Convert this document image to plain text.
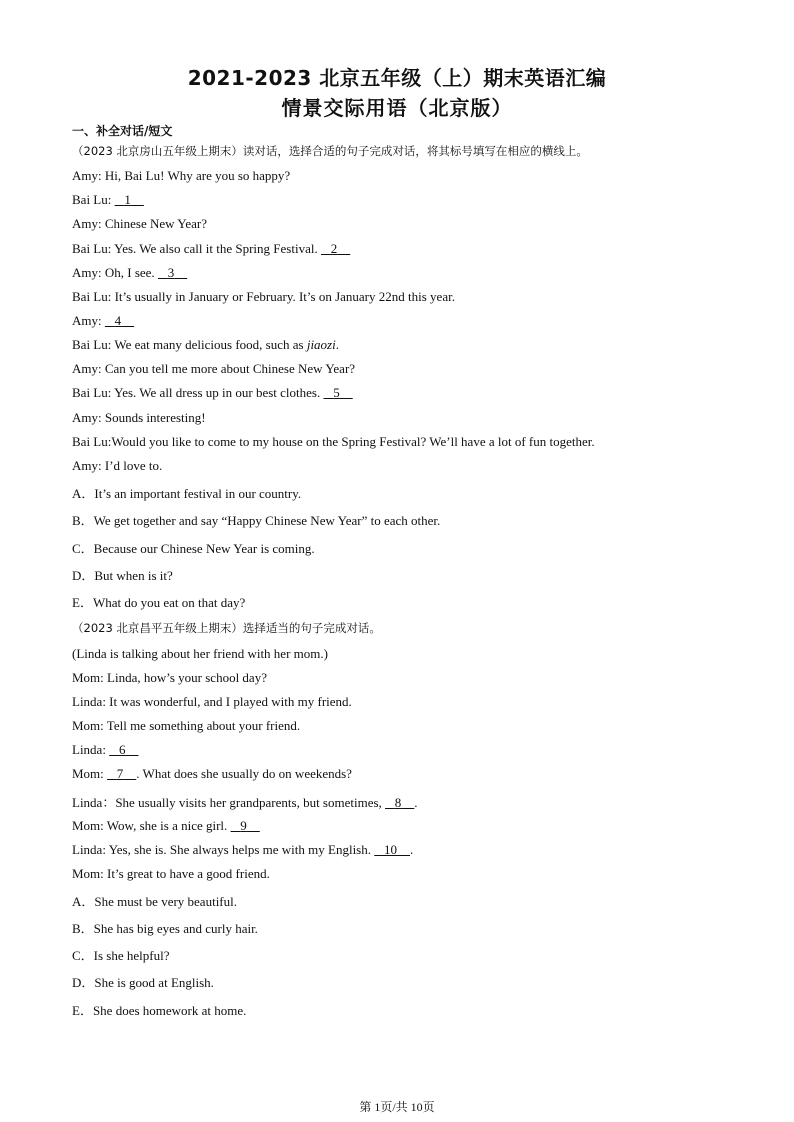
2021-2023 北京五年级（上）期末英语汇编
情景交际用语（北京版）
一、补全对话/短文
（2023 北京房山五年级上期末）读对话，选择合适的句子完成对话，将其标号填写在相应的横线上。
Amy: Hi, Bai Lu! Why are you so happy?
Bai Lu: 1
Amy: Chinese New Year?
Bai Lu: Yes. We also call it the Spring Festival. 2
Amy: Oh, I see. 3
Bai Lu: It’s usually in January or February. It’s on January 22nd this year.
Amy: 4
Bai Lu: We eat many delicious food, such as jiaozi.
Amy: Can you tell me more about Chinese New Year?
Bai Lu: Yes. We all dress up in our best clothes. 5
Amy: Sounds interesting!
Bai Lu:Would you like to come to my house on the Spring Festival? We’ll have a lot of fun together.
Amy: I’d love to.
A．It’s an important festival in our country.
B．We get together and say “Happy Chinese New Year” to each other.
C．Because our Chinese New Year is coming.
D．But when is it?
E．What do you eat on that day?
（2023 北京昌平五年级上期末）选择适当的句子完成对话。
(Linda is talking about her friend with her mom.)
Mom: Linda, how’s your school day?
Linda: It was wonderful, and I played with my friend.
Mom: Tell me something about your friend.
Linda: 6
Mom: 7 . What does she usually do on weekends?
Linda：She usually visits her grandparents, but sometimes, 8 .
Mom: Wow, she is a nice girl. 9
Linda: Yes, she is. She always helps me with my English. 10 .
Mom: It’s great to have a good friend.
A．She must be very beautiful.
B．She has big eyes and curly hair.
C．Is she helpful?
D．She is good at English.
E．She does homework at home.
第 1页/共 10页
